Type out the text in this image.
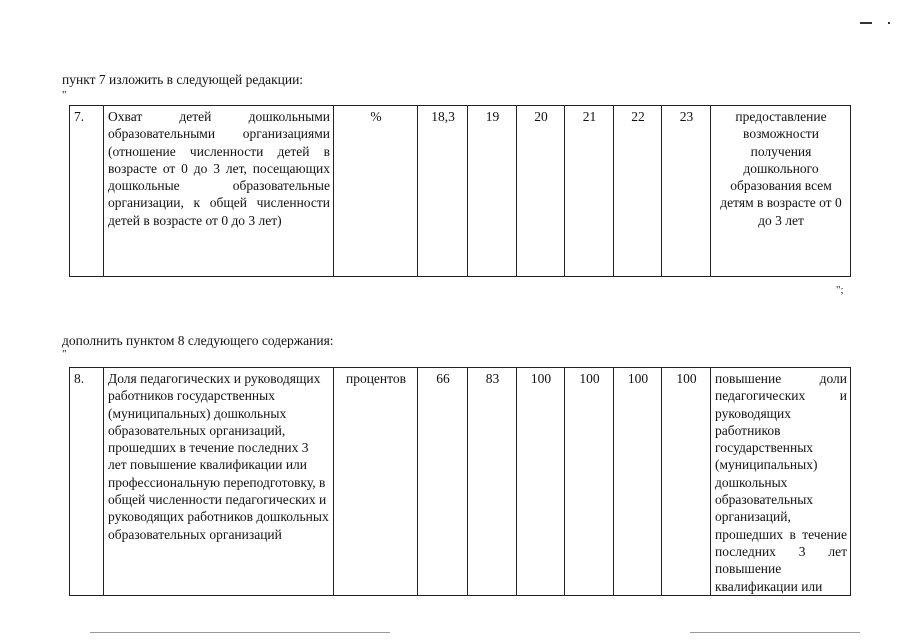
пункт 7 изложить в следующей редакции:

"
7.	Охват детей дошкольными образовательными организациями (отношение численности детей в возрасте от 0 до 3 лет, посещающих дошкольные образовательные организации, к общей численности детей в возрасте от 0 до 3 лет)	%	18,3	19	20	21	22	23	предоставление возможности получения дошкольного образования всем детям в возрасте от 0 до 3 лет
";

дополнить пунктом 8 следующего содержания:

"
8.	Доля педагогических и руководящих работников государственных (муниципальных) дошкольных образовательных организаций, прошедших в течение последних 3 лет повышение квалификации или профессиональную переподготовку, в общей численности педагогических и руководящих работников дошкольных образовательных организаций	процентов	66	83	100	100	100	100	повышение доли педагогических и руководящих работников государственных (муниципальных) дошкольных образовательных организаций, прошедших в течение последних 3 лет повышение квалификации или
